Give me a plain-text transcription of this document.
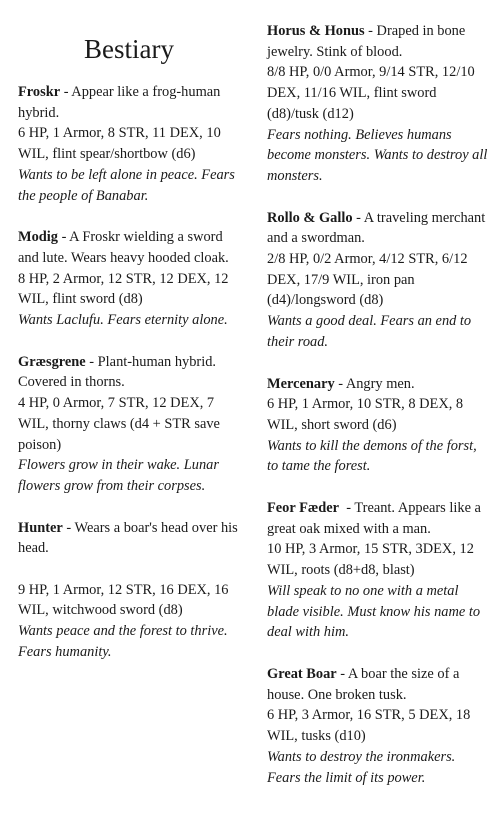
Bestiary

Froskr - Appear like a frog-human hybrid.

6 HP, 1 Armor, 8 STR, 11 DEX, 10 WIL, flint spear/shortbow (d6)

Wants to be left alone in peace. Fears the people of Banabar.

Modig - A Froskr wielding a sword and lute. Wears heavy hooded cloak.

8 HP, 2 Armor, 12 STR, 12 DEX, 12 WIL, flint sword (d8)

Wants Laclufu. Fears eternity alone.

Græsgrene - Plant-human hybrid. Covered in thorns.

4 HP, 0 Armor, 7 STR, 12 DEX, 7 WIL, thorny claws (d4 + STR save poison)

Flowers grow in their wake. Lunar flowers grow from their corpses.

Hunter - Wears a boar's head over his head.

9 HP, 1 Armor, 12 STR, 16 DEX, 16 WIL, witchwood sword (d8)

Wants peace and the forest to thrive. Fears humanity.

Horus & Honus - Draped in bone jewelry. Stink of blood.

8/8 HP, 0/0 Armor, 9/14 STR, 12/10 DEX, 11/16 WIL, flint sword (d8)/tusk (d12)

Fears nothing. Believes humans become monsters. Wants to destroy all monsters.

Rollo & Gallo - A traveling merchant and a swordman.

2/8 HP, 0/2 Armor, 4/12 STR, 6/12 DEX, 17/9 WIL, iron pan (d4)/longsword (d8)

Wants a good deal. Fears an end to their road.

Mercenary - Angry men.

6 HP, 1 Armor, 10 STR, 8 DEX, 8 WIL, short sword (d6)

Wants to kill the demons of the forst, to tame the forest.

Feor Fæder  - Treant. Appears like a great oak mixed with a man.

10 HP, 3 Armor, 15 STR, 3DEX, 12 WIL, roots (d8+d8, blast)

Will speak to no one with a metal blade visible. Must know his name to deal with him.

Great Boar - A boar the size of a house. One broken tusk.

6 HP, 3 Armor, 16 STR, 5 DEX, 18 WIL, tusks (d10)

Wants to destroy the ironmakers. Fears the limit of its power.
